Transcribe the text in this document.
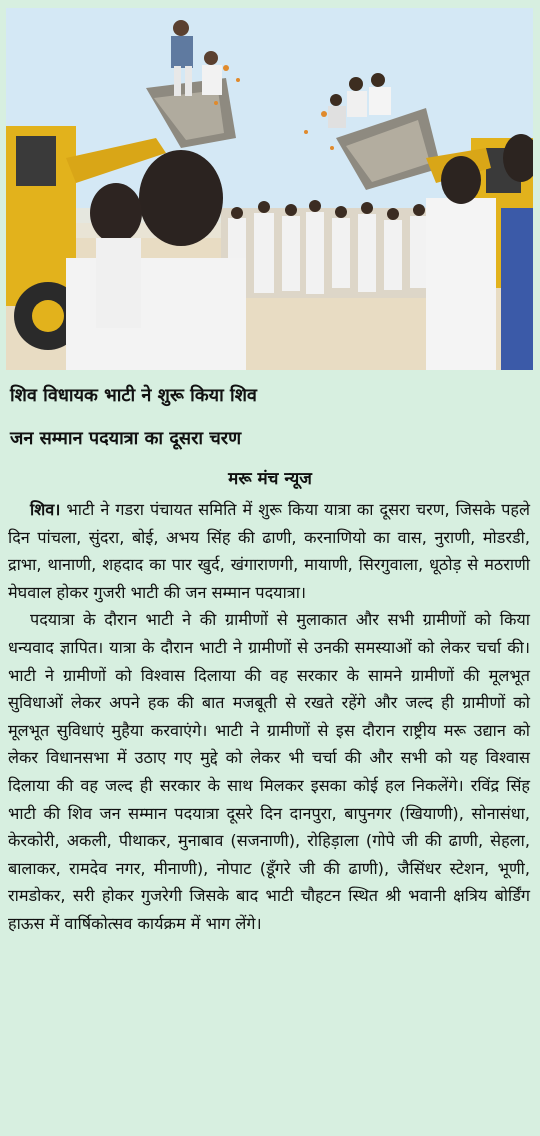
शिव विधायक भाटी ने शुरू किया शिव
जन सम्मान पदयात्रा का दूसरा चरण
मरू मंच न्यूज

शिव। भाटी ने गडरा पंचायत समिति में शुरू किया यात्रा का दूसरा चरण, जिसके पहले दिन पांचला, सुंदरा, बोई, अभय सिंह की ढाणी, करनाणियो का वास, नुराणी, मोडरडी, द्राभा, थानाणी, शहदाद का पार खुर्द, खंगाराणगी, मायाणी, सिरगुवाला, धूठोड़ से मठराणी मेघवाल होकर गुजरी भाटी की जन सम्मान पदयात्रा।

पदयात्रा के दौरान भाटी ने की ग्रामीणों से मुलाकात और सभी ग्रामीणों को किया धन्यवाद ज्ञापित। यात्रा के दौरान भाटी ने ग्रामीणों से उनकी समस्याओं को लेकर चर्चा की। भाटी ने ग्रामीणों को विश्वास दिलाया की वह सरकार के सामने ग्रामीणों की मूलभूत सुविधाओं लेकर अपने हक की बात मजबूती से रखते रहेंगे और जल्द ही ग्रामीणों को मूलभूत सुविधाएं मुहैया करवाएंगे। भाटी ने ग्रामीणों से इस दौरान राष्ट्रीय मरू उद्यान को लेकर विधानसभा में उठाए गए मुद्दे को लेकर भी चर्चा की और सभी को यह विश्वास दिलाया की वह जल्द ही सरकार के साथ मिलकर इसका कोई हल निकलेंगे। रविंद्र सिंह भाटी की शिव जन सम्मान पदयात्रा दूसरे दिन दानपुरा, बापुनगर (खियाणी), सोनासंधा, केरकोरी, अकली, पीथाकर, मुनाबाव (सजनाणी), रोहिड़ाला (गोपे जी की ढाणी, सेहला, बालाकर, रामदेव नगर, मीनाणी), नोपाट (डूँगरे जी की ढाणी), जैसिंधर स्टेशन, भूणी, रामडोकर, सरी होकर गुजरेगी जिसके बाद भाटी चौहटन स्थित श्री भवानी क्षत्रिय बोर्डिंग हाऊस में वार्षिकोत्सव कार्यक्रम में भाग लेंगे।
